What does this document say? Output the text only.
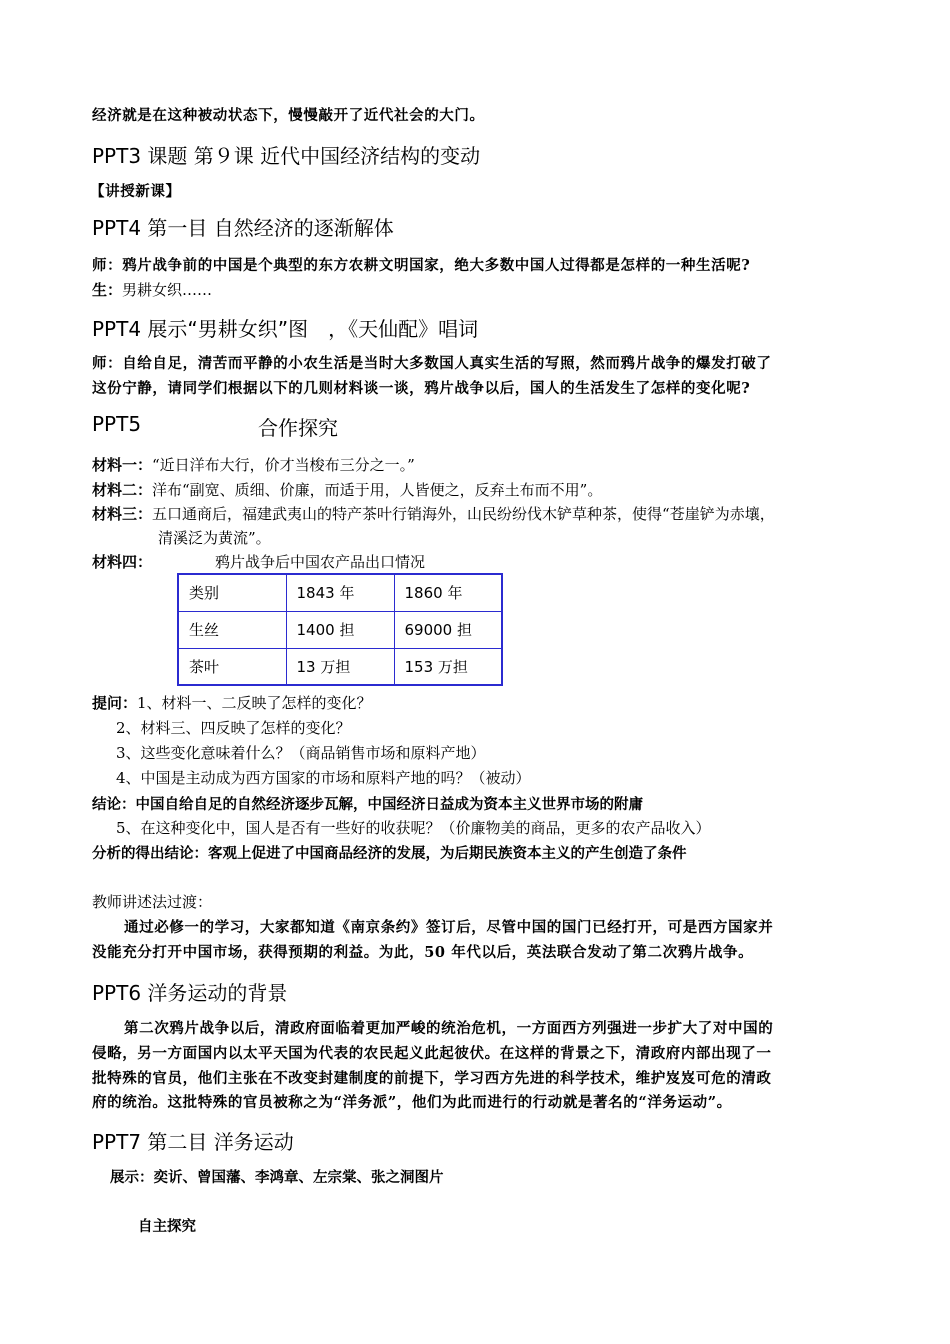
经济就是在这种被动状态下，慢慢敲开了近代社会的大门。
PPT3 课题 第９课 近代中国经济结构的变动
【讲授新课】
PPT4 第一目 自然经济的逐渐解体
师：鸦片战争前的中国是个典型的东方农耕文明国家，绝大多数中国人过得都是怎样的一种生活呢?
生：男耕女织……
PPT4 展示“男耕女织”图　，《天仙配》唱词
师：自给自足，清苦而平静的小农生活是当时大多数国人真实生活的写照，然而鸦片战争的爆发打破了
这份宁静，请同学们根据以下的几则材料谈一谈，鸦片战争以后，国人的生活发生了怎样的变化呢?
PPT5	合作探究
材料一：“近日洋布大行，价才当梭布三分之一。”
材料二：洋布“副宽、质细、价廉，而适于用，人皆便之，反弃土布而不用”。
材料三：五口通商后，福建武夷山的特产茶叶行销海外，山民纷纷伐木铲草种茶，使得“苍崖铲为赤壤，
清溪泛为黄流”。
材料四：	鸦片战争后中国农产品出口情况
类别	1843 年	1860 年
生丝	1400 担	69000 担
茶叶	13 万担	153 万担
提问：1、材料一、二反映了怎样的变化？
2、材料三、四反映了怎样的变化？
3、这些变化意味着什么？（商品销售市场和原料产地）
4、中国是主动成为西方国家的市场和原料产地的吗？（被动）
结论：中国自给自足的自然经济逐步瓦解，中国经济日益成为资本主义世界市场的附庸
5、在这种变化中，国人是否有一些好的收获呢？（价廉物美的商品，更多的农产品收入）
分析的得出结论：客观上促进了中国商品经济的发展，为后期民族资本主义的产生创造了条件
教师讲述法过渡：
通过必修一的学习，大家都知道《南京条约》签订后，尽管中国的国门已经打开，可是西方国家并
没能充分打开中国市场，获得预期的利益。为此，50 年代以后，英法联合发动了第二次鸦片战争。
PPT6 洋务运动的背景
第二次鸦片战争以后，清政府面临着更加严峻的统治危机，一方面西方列强进一步扩大了对中国的
侵略，另一方面国内以太平天国为代表的农民起义此起彼伏。在这样的背景之下，清政府内部出现了一
批特殊的官员，他们主张在不改变封建制度的前提下，学习西方先进的科学技术，维护岌岌可危的清政
府的统治。这批特殊的官员被称之为“洋务派”，他们为此而进行的行动就是著名的“洋务运动”。
PPT7 第二目 洋务运动
展示：奕䜣、曾国藩、李鸿章、左宗棠、张之洞图片
自主探究
